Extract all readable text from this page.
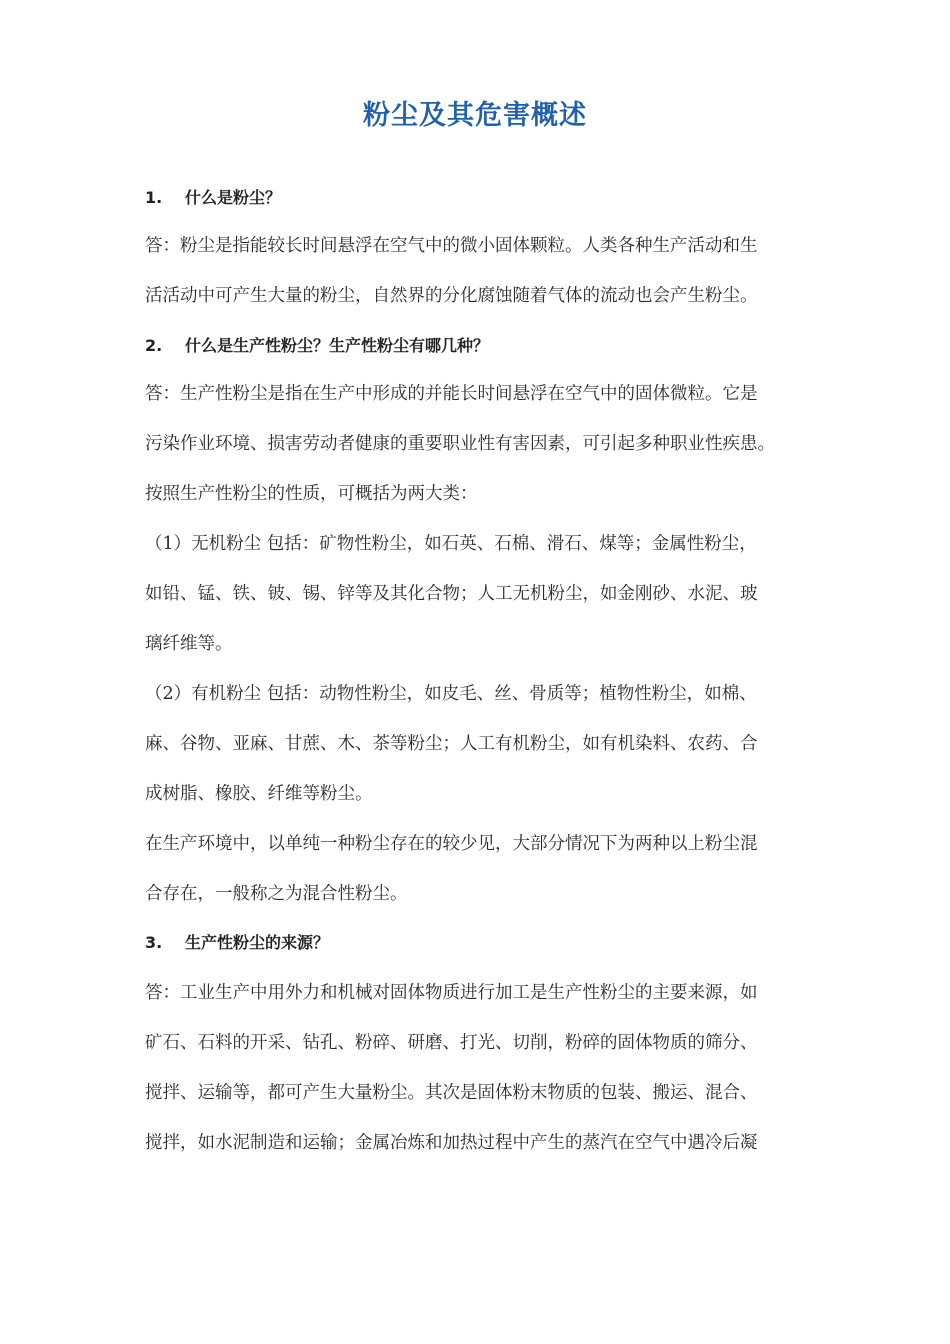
粉尘及其危害概述
1. 什么是粉尘？
答：粉尘是指能较长时间悬浮在空气中的微小固体颗粒。人类各种生产活动和生
活活动中可产生大量的粉尘，自然界的分化腐蚀随着气体的流动也会产生粉尘。
2. 什么是生产性粉尘？生产性粉尘有哪几种？
答：生产性粉尘是指在生产中形成的并能长时间悬浮在空气中的固体微粒。它是
污染作业环境、损害劳动者健康的重要职业性有害因素，可引起多种职业性疾患。
按照生产性粉尘的性质，可概括为两大类：
（1）无机粉尘 包括：矿物性粉尘，如石英、石棉、滑石、煤等；金属性粉尘，
如铅、锰、铁、铍、锡、锌等及其化合物；人工无机粉尘，如金刚砂、水泥、玻
璃纤维等。
（2）有机粉尘 包括：动物性粉尘，如皮毛、丝、骨质等；植物性粉尘，如棉、
麻、谷物、亚麻、甘蔗、木、茶等粉尘；人工有机粉尘，如有机染料、农药、合
成树脂、橡胶、纤维等粉尘。
在生产环境中，以单纯一种粉尘存在的较少见，大部分情况下为两种以上粉尘混
合存在，一般称之为混合性粉尘。
3. 生产性粉尘的来源？
答：工业生产中用外力和机械对固体物质进行加工是生产性粉尘的主要来源，如
矿石、石料的开采、钻孔、粉碎、研磨、打光、切削，粉碎的固体物质的筛分、
搅拌、运输等，都可产生大量粉尘。其次是固体粉末物质的包装、搬运、混合、
搅拌，如水泥制造和运输；金属冶炼和加热过程中产生的蒸汽在空气中遇冷后凝
